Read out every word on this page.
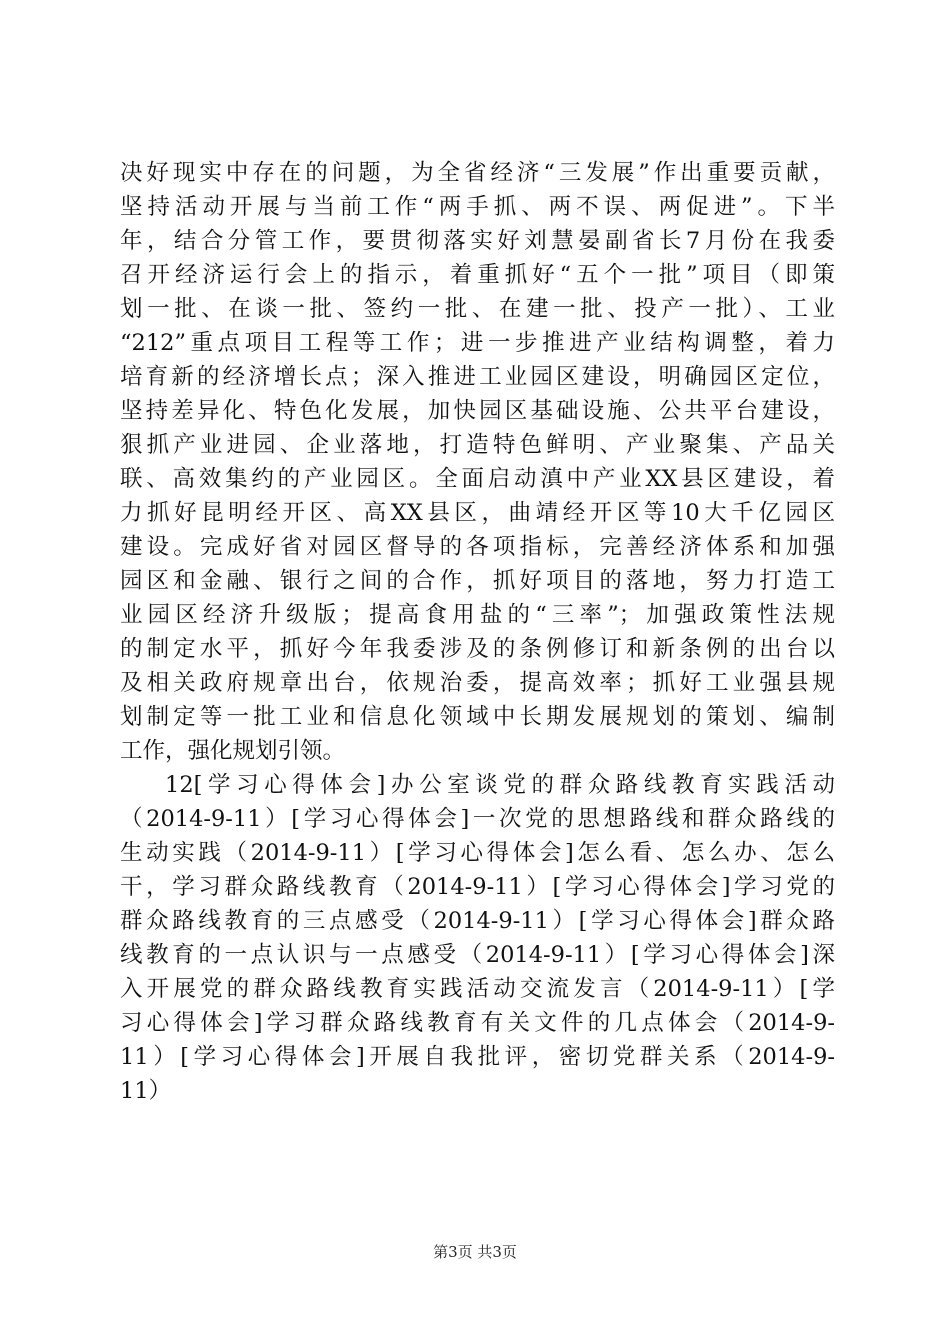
决好现实中存在的问题，为全省经济“三发展”作出重要贡献，
坚持活动开展与当前工作“两手抓、两不误、两促进”。下半
年，结合分管工作，要贯彻落实好刘慧晏副省长7月份在我委
召开经济运行会上的指示，着重抓好“五个一批”项目（即策
划一批、在谈一批、签约一批、在建一批、投产一批）、工业
“212”重点项目工程等工作；进一步推进产业结构调整，着力
培育新的经济增长点；深入推进工业园区建设，明确园区定位，
坚持差异化、特色化发展，加快园区基础设施、公共平台建设，
狠抓产业进园、企业落地，打造特色鲜明、产业聚集、产品关
联、高效集约的产业园区。全面启动滇中产业XX县区建设，着
力抓好昆明经开区、高XX县区，曲靖经开区等10大千亿园区
建设。完成好省对园区督导的各项指标，完善经济体系和加强
园区和金融、银行之间的合作，抓好项目的落地，努力打造工
业园区经济升级版；提高食用盐的“三率”；加强政策性法规
的制定水平，抓好今年我委涉及的条例修订和新条例的出台以
及相关政府规章出台，依规治委，提高效率；抓好工业强县规
划制定等一批工业和信息化领域中长期发展规划的策划、编制
工作，强化规划引领。
12[学习心得体会]办公室谈党的群众路线教育实践活动
（2014-9-11）[学习心得体会]一次党的思想路线和群众路线的
生动实践（2014-9-11）[学习心得体会]怎么看、怎么办、怎么
干，学习群众路线教育（2014-9-11）[学习心得体会]学习党的
群众路线教育的三点感受（2014-9-11）[学习心得体会]群众路
线教育的一点认识与一点感受（2014-9-11）[学习心得体会]深
入开展党的群众路线教育实践活动交流发言（2014-9-11）[学
习心得体会]学习群众路线教育有关文件的几点体会（2014-9-
11）[学习心得体会]开展自我批评，密切党群关系（2014-9-
11）
第3页 共3页
